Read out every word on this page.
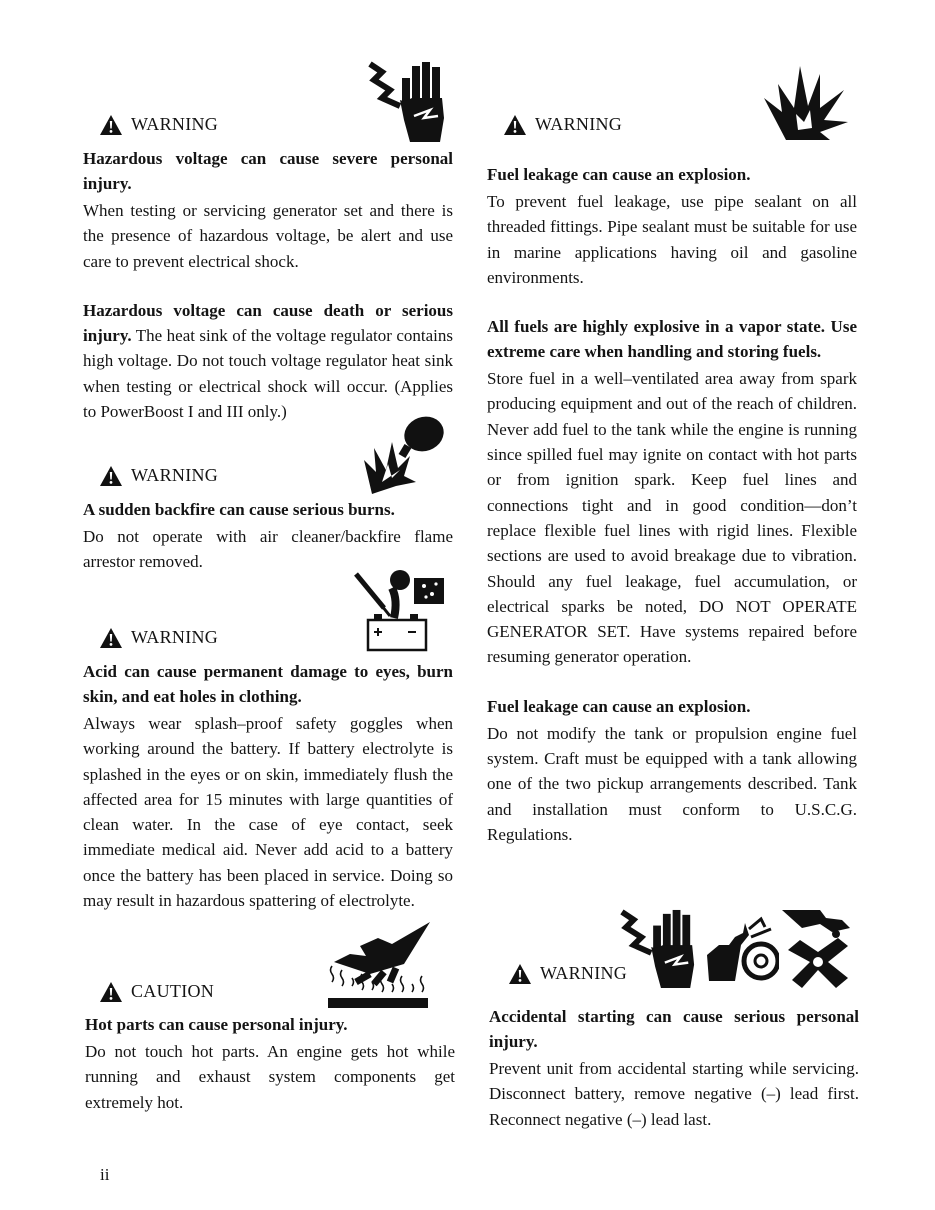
WARNING

Hazardous voltage can cause severe personal injury.

When testing or servicing generator set and there is the presence of hazardous voltage, be alert and use care to prevent electrical shock.

Hazardous voltage can cause death or serious injury. The heat sink of the voltage regulator contains high voltage. Do not touch voltage regulator heat sink when testing or electrical shock will occur. (Applies to PowerBoost I and III only.)

WARNING

A sudden backfire can cause serious burns.

Do not operate with air cleaner/backfire flame arrestor removed.

WARNING

Acid can cause permanent damage to eyes, burn skin, and eat holes in clothing.

Always wear splash–proof safety goggles when working around the battery. If battery electrolyte is splashed in the eyes or on skin, immediately flush the affected area for 15 minutes with large quantities of clean water. In the case of eye contact, seek immediate medical aid. Never add acid to a battery once the battery has been placed in service. Doing so may result in hazardous spattering of electrolyte.

CAUTION

Hot parts can cause personal injury.

Do not touch hot parts. An engine gets hot while running and exhaust system components get extremely hot.

WARNING

Fuel leakage can cause an explosion.

To prevent fuel leakage, use pipe sealant on all threaded fittings. Pipe sealant must be suitable for use in marine applications having oil and gasoline environments.

All fuels are highly explosive in a vapor state. Use extreme care when handling and storing fuels.

Store fuel in a well–ventilated area away from spark producing equipment and out of the reach of children. Never add fuel to the tank while the engine is running since spilled fuel may ignite on contact with hot parts or from ignition spark. Keep fuel lines and connections tight and in good condition—don’t replace flexible fuel lines with rigid lines. Flexible sections are used to avoid breakage due to vibration. Should any fuel leakage, fuel accumulation, or electrical sparks be noted, DO NOT OPERATE GENERATOR SET. Have systems repaired before resuming generator operation.

Fuel leakage can cause an explosion.

Do not modify the tank or propulsion engine fuel system. Craft must be equipped with a tank allowing one of the two pickup arrangements described. Tank and installation must conform to U.S.C.G. Regulations.

WARNING

Accidental starting can cause serious personal injury.

Prevent unit from accidental starting while servicing. Disconnect battery, remove negative (–) lead first. Reconnect negative (–) lead last.

ii
